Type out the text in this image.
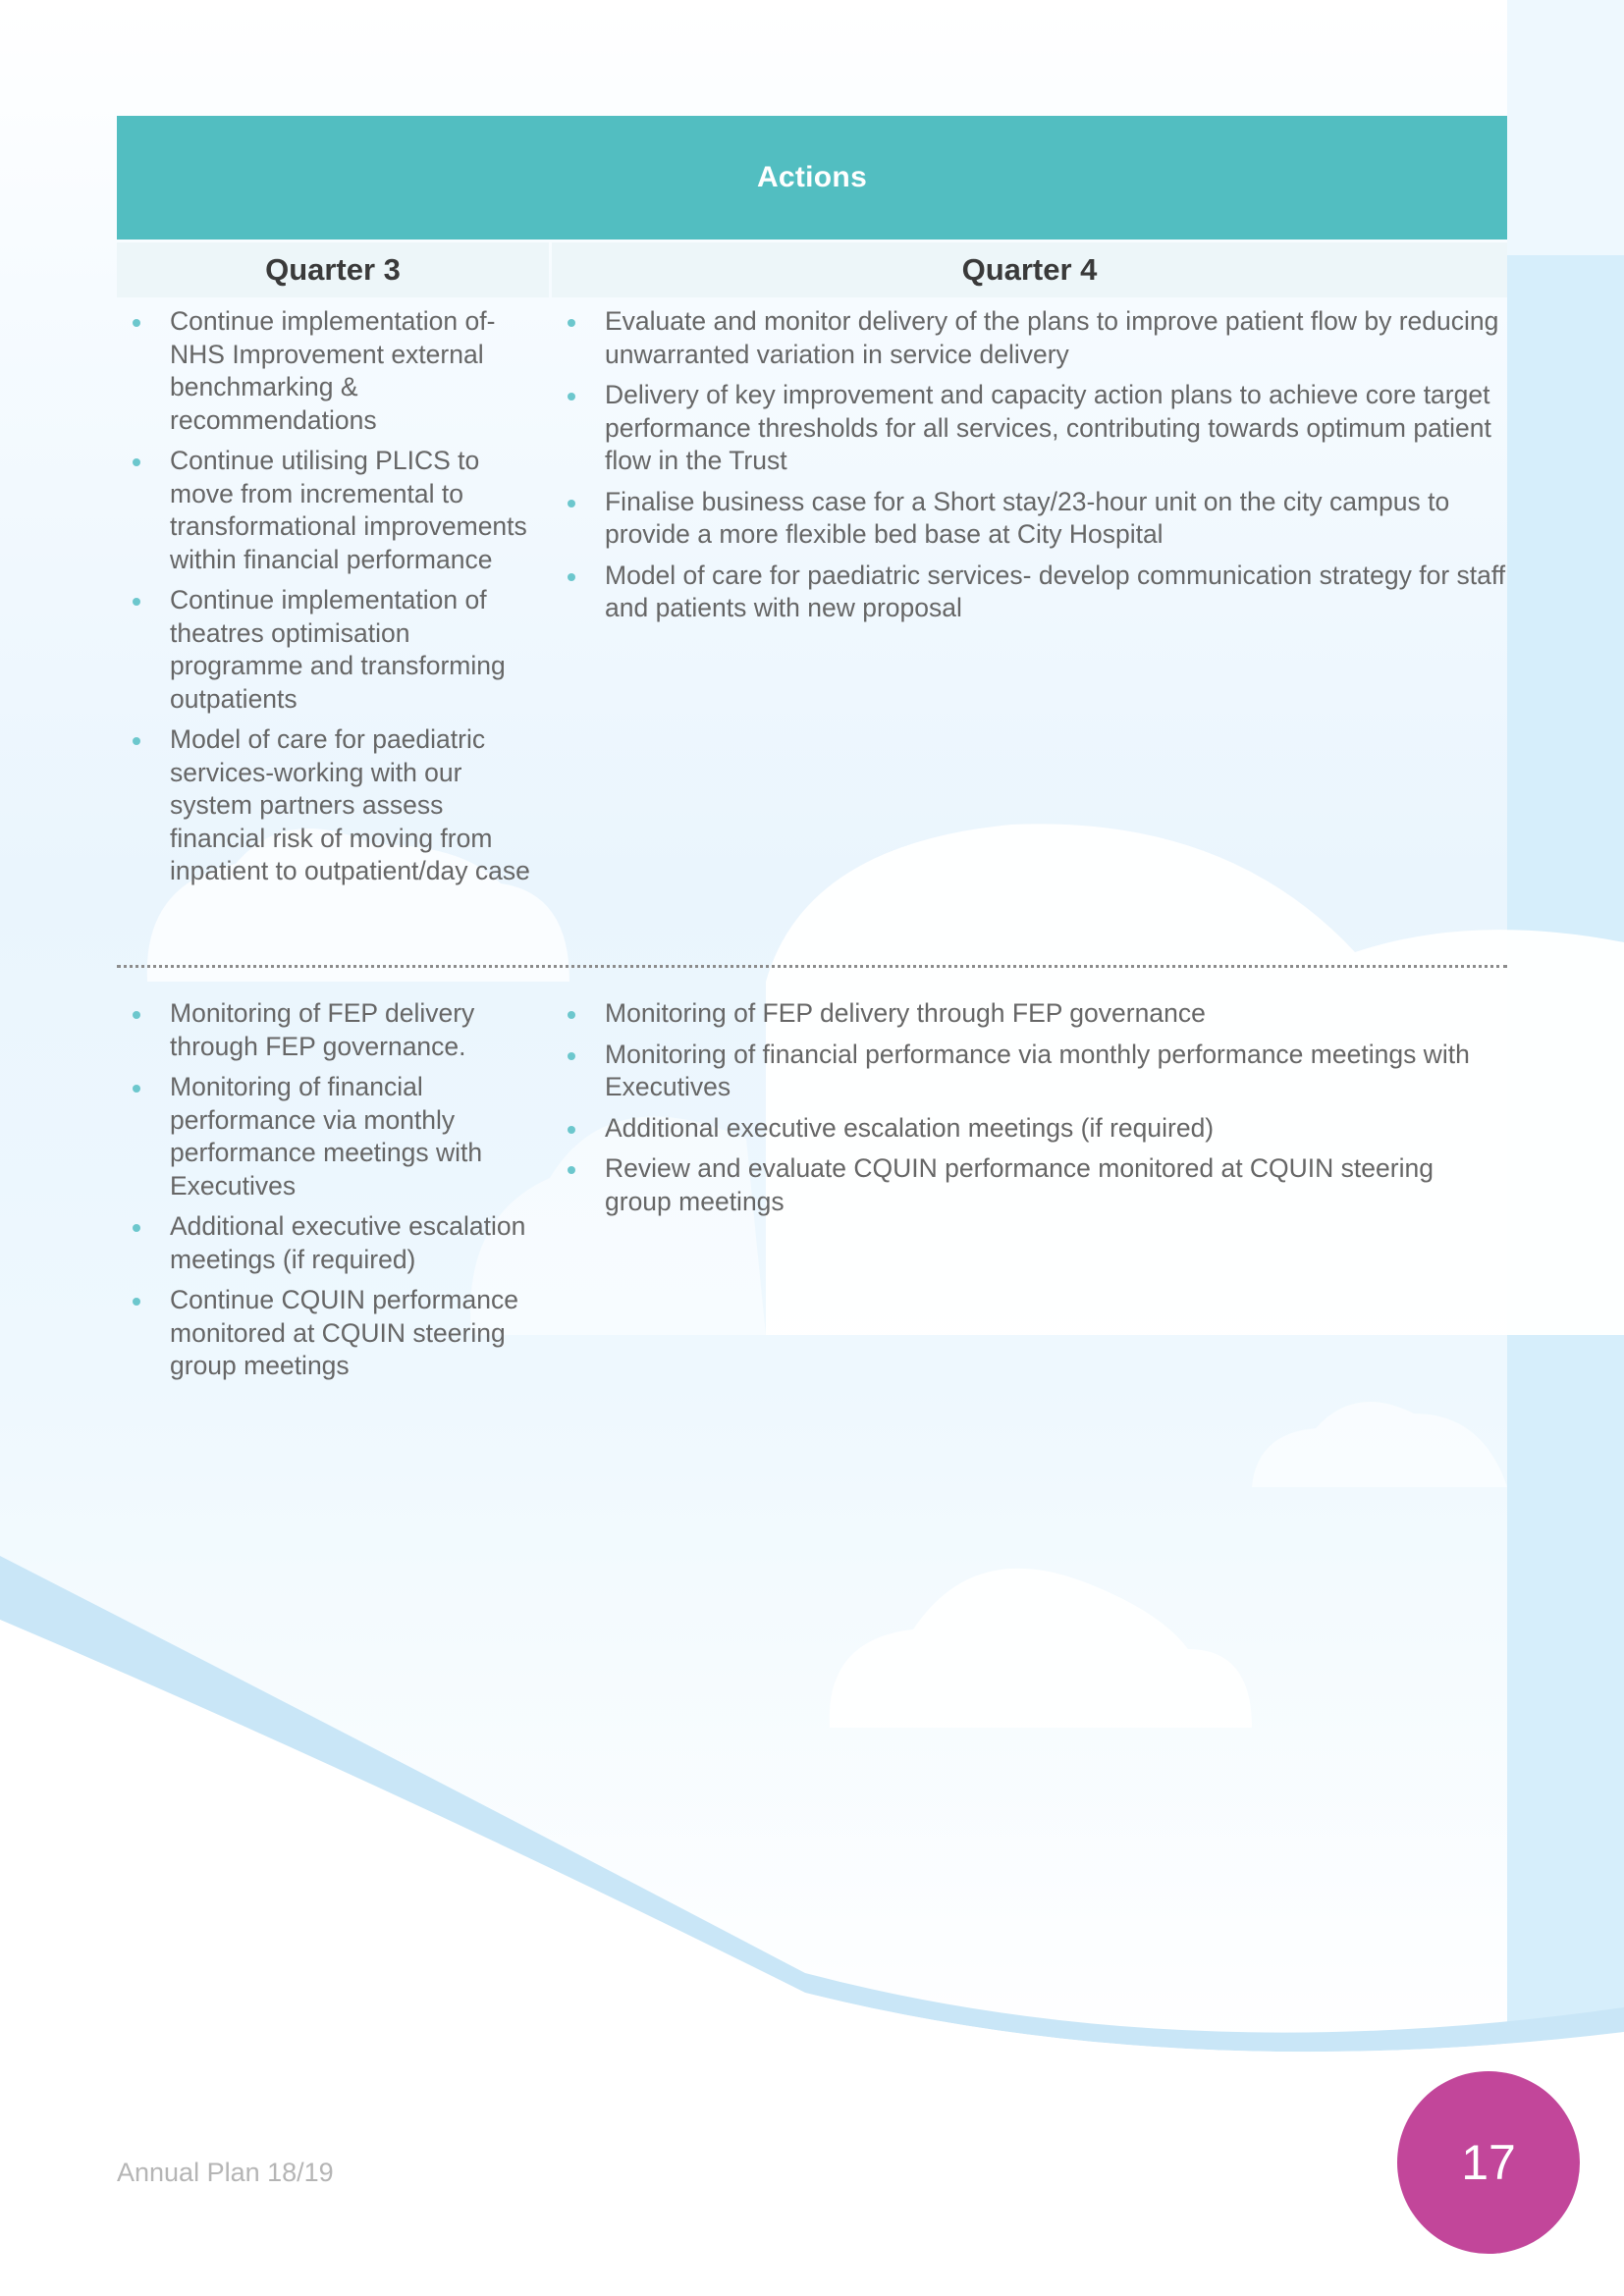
Actions
Quarter 3	Quarter 4
Continue implementation of- NHS Improvement external benchmarking & recommendations
Continue utilising PLICS to move from incremental to transformational improvements within financial performance
Continue implementation of theatres optimisation programme and transforming outpatients
Model of care for paediatric services-working with our system partners assess financial risk of moving from inpatient to outpatient/day case
Evaluate and monitor delivery of the plans to improve patient flow by reducing unwarranted variation in service delivery
Delivery of key improvement and capacity action plans to achieve core target performance thresholds for all services, contributing towards optimum patient flow in the Trust
Finalise business case for a Short stay/23-hour unit on the city campus to provide a more flexible bed base at City Hospital
Model of care for paediatric services- develop communication strategy for staff and patients with new proposal
Monitoring of FEP delivery through FEP governance.
Monitoring of financial performance via monthly performance meetings with Executives
Additional executive escalation meetings (if required)
Continue CQUIN performance monitored at CQUIN steering group meetings
Monitoring of FEP delivery through FEP governance
Monitoring of financial performance via monthly performance meetings with Executives
Additional executive escalation meetings (if required)
Review and evaluate CQUIN performance monitored at CQUIN steering group meetings
Annual Plan 18/19	17
